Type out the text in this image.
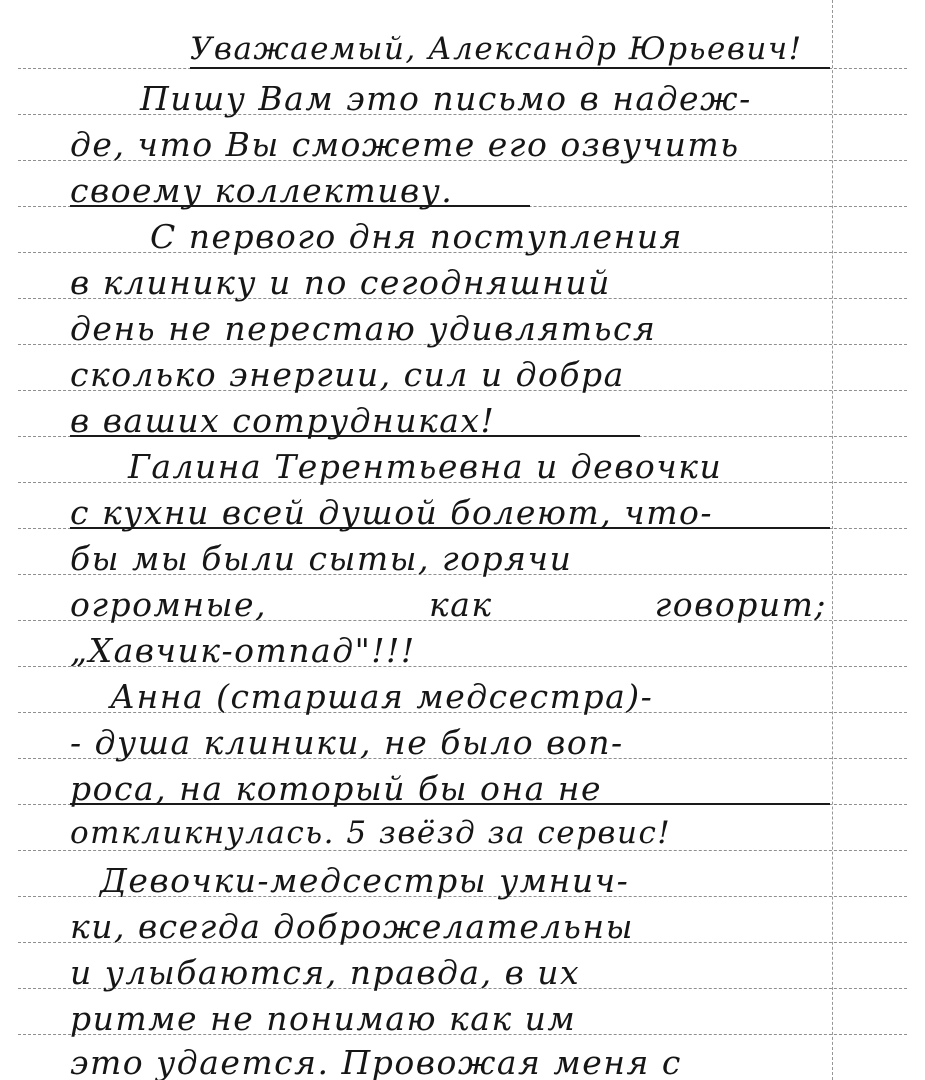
Уважаемый, Александр Юрьевич!
Пишу Вам это письмо в надеж-
де, что Вы сможете его озвучить
своему коллективу.
С первого дня поступления
в клинику и по сегодняшний
день не перестаю удивляться
сколько энергии, сил и добра
в ваших сотрудниках!
Галина Терентьевна и девочки
с кухни всей душой болеют, что-
бы мы были сыты, горячи
огромные, как говорит;
„Хавчик-отпад"!!!
Анна (старшая медсестра)-
- душа клиники, не было воп-
роса, на который бы она не
откликнулась. 5 звёзд за сервис!
Девочки-медсестры умнич-
ки, всегда доброжелательны
и улыбаются, правда, в их
ритме не понимаю как им
это удается. Провожая меня с
